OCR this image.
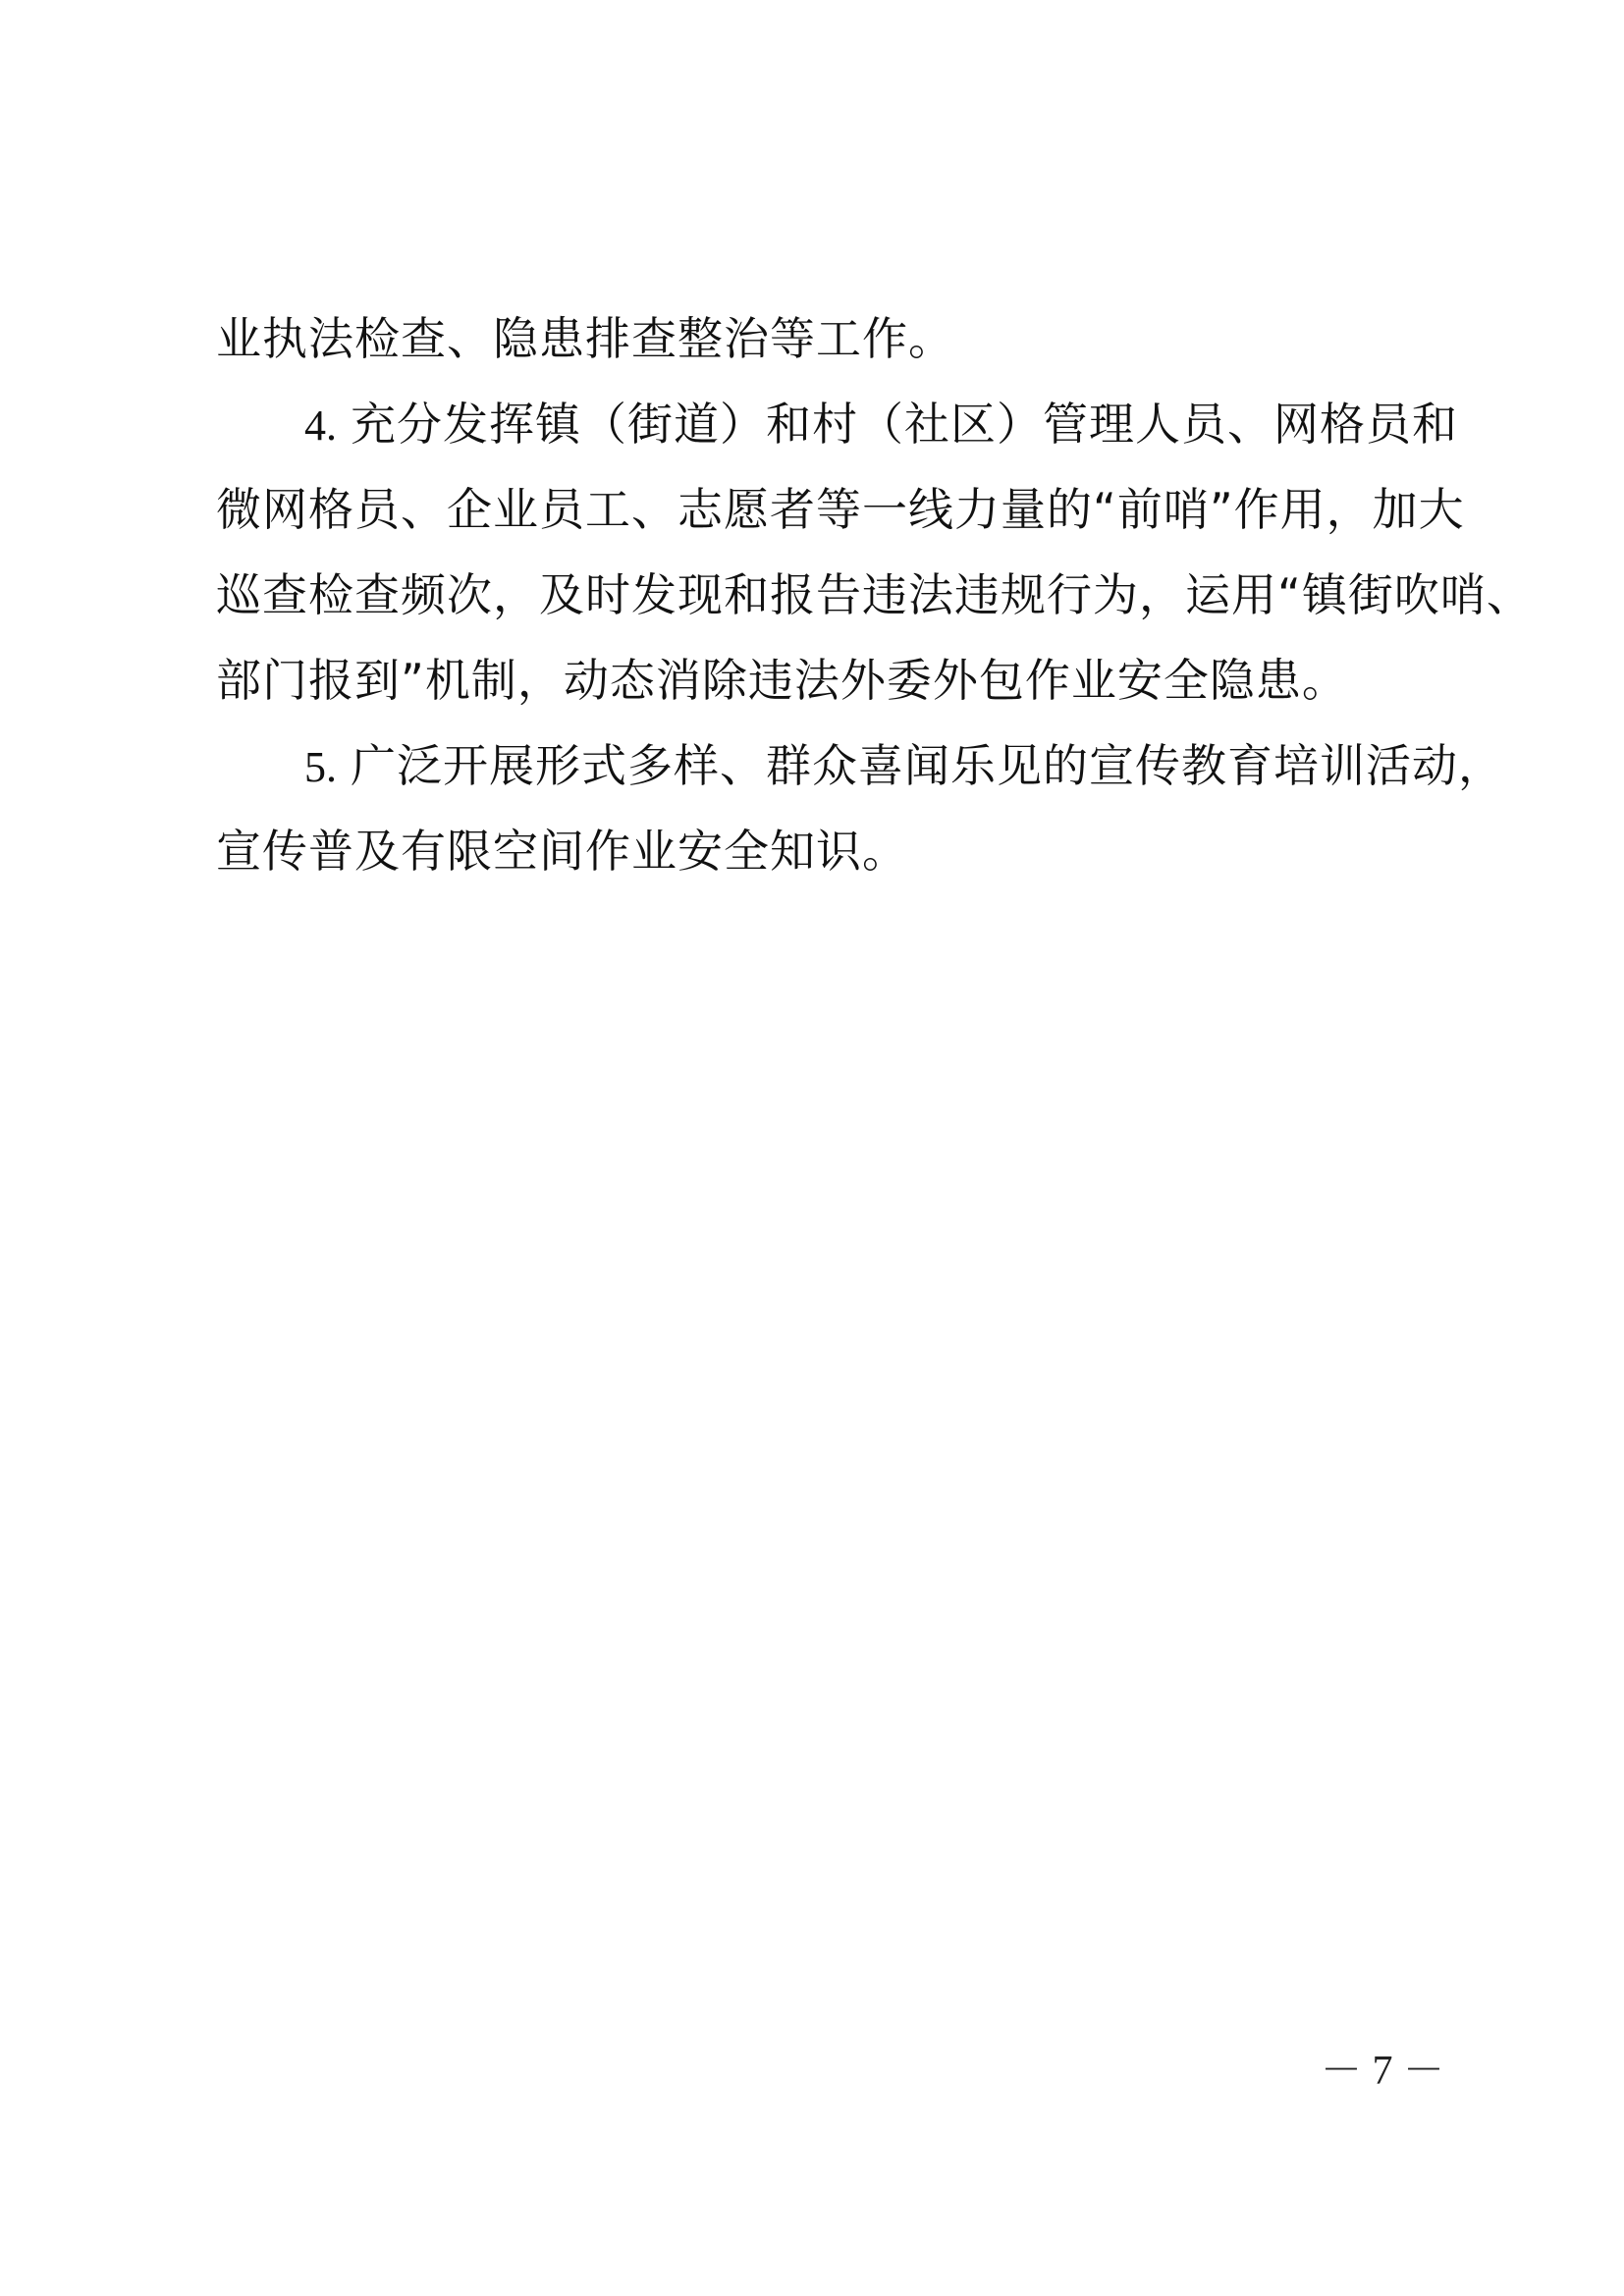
业执法检查、隐患排查整治等工作。
4. 充分发挥镇（街道）和村（社区）管理人员、网格员和
微网格员、企业员工、志愿者等一线力量的“前哨”作用，加大
巡查检查频次，及时发现和报告违法违规行为，运用“镇街吹哨、
部门报到”机制，动态消除违法外委外包作业安全隐患。
5. 广泛开展形式多样、群众喜闻乐见的宣传教育培训活动，
宣传普及有限空间作业安全知识。
－ 7 －
